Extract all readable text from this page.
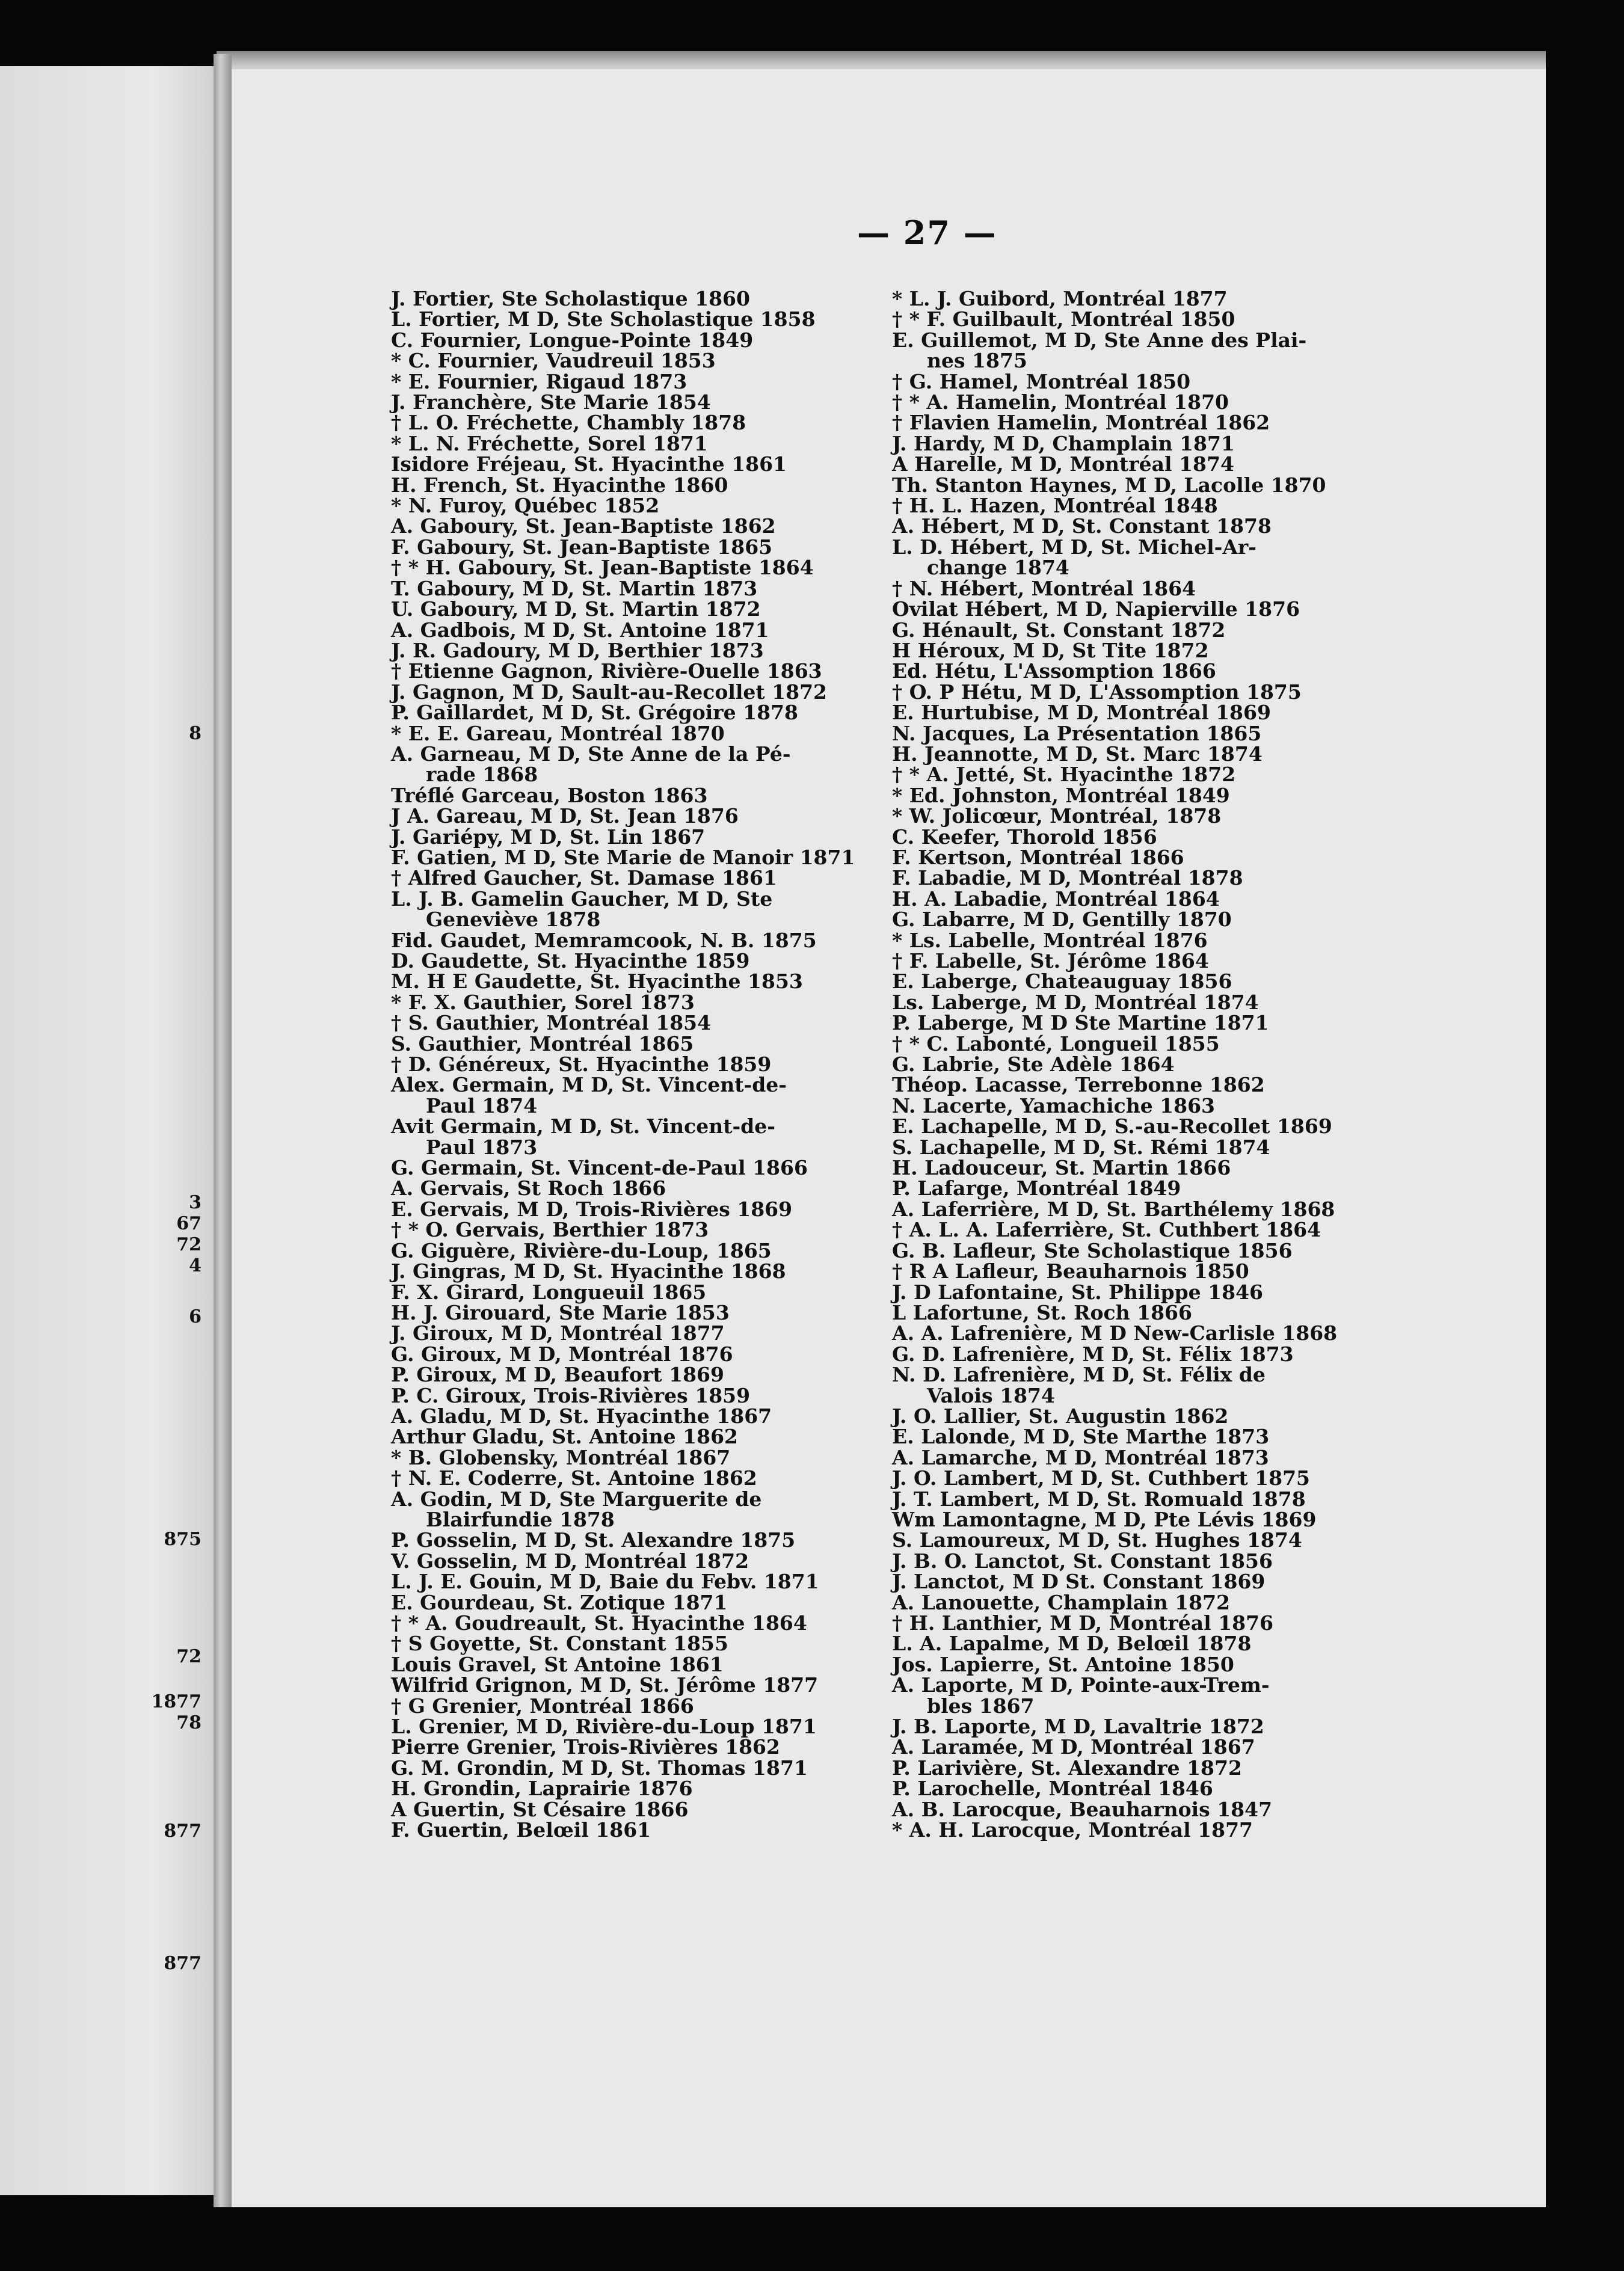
8
3
67
72
4
6
875
72
1877
78
877
877
— 27 —
J. Fortier, Ste Scholastique 1860
L. Fortier, M D, Ste Scholastique 1858
C. Fournier, Longue-Pointe 1849
* C. Fournier, Vaudreuil 1853
* E. Fournier, Rigaud 1873
J. Franchère, Ste Marie 1854
† L. O. Fréchette, Chambly 1878
* L. N. Fréchette, Sorel 1871
Isidore Fréjeau, St. Hyacinthe 1861
H. French, St. Hyacinthe 1860
* N. Furoy, Québec 1852
A. Gaboury, St. Jean-Baptiste 1862
F. Gaboury, St. Jean-Baptiste 1865
† * H. Gaboury, St. Jean-Baptiste 1864
T. Gaboury, M D, St. Martin 1873
U. Gaboury, M D, St. Martin 1872
A. Gadbois, M D, St. Antoine 1871
J. R. Gadoury, M D, Berthier 1873
† Etienne Gagnon, Rivière-Ouelle 1863
J. Gagnon, M D, Sault-au-Recollet 1872
P. Gaillardet, M D, St. Grégoire 1878
* E. E. Gareau, Montréal 1870
A. Garneau, M D, Ste Anne de la Pé-
rade 1868
Tréflé Garceau, Boston 1863
J A. Gareau, M D, St. Jean 1876
J. Gariépy, M D, St. Lin 1867
F. Gatien, M D, Ste Marie de Manoir 1871
† Alfred Gaucher, St. Damase 1861
L. J. B. Gamelin Gaucher, M D, Ste
Geneviève 1878
Fid. Gaudet, Memramcook, N. B. 1875
D. Gaudette, St. Hyacinthe 1859
M. H E Gaudette, St. Hyacinthe 1853
* F. X. Gauthier, Sorel 1873
† S. Gauthier, Montréal 1854
S. Gauthier, Montréal 1865
† D. Généreux, St. Hyacinthe 1859
Alex. Germain, M D, St. Vincent-de-
Paul 1874
Avit Germain, M D, St. Vincent-de-
Paul 1873
G. Germain, St. Vincent-de-Paul 1866
A. Gervais, St Roch 1866
E. Gervais, M D, Trois-Rivières 1869
† * O. Gervais, Berthier 1873
G. Giguère, Rivière-du-Loup, 1865
J. Gingras, M D, St. Hyacinthe 1868
F. X. Girard, Longueuil 1865
H. J. Girouard, Ste Marie 1853
J. Giroux, M D, Montréal 1877
G. Giroux, M D, Montréal 1876
P. Giroux, M D, Beaufort 1869
P. C. Giroux, Trois-Rivières 1859
A. Gladu, M D, St. Hyacinthe 1867
Arthur Gladu, St. Antoine 1862
* B. Globensky, Montréal 1867
† N. E. Coderre, St. Antoine 1862
A. Godin, M D, Ste Marguerite de
Blairfundie 1878
P. Gosselin, M D, St. Alexandre 1875
V. Gosselin, M D, Montréal 1872
L. J. E. Gouin, M D, Baie du Febv. 1871
E. Gourdeau, St. Zotique 1871
† * A. Goudreault, St. Hyacinthe 1864
† S Goyette, St. Constant 1855
Louis Gravel, St Antoine 1861
Wilfrid Grignon, M D, St. Jérôme 1877
† G Grenier, Montréal 1866
L. Grenier, M D, Rivière-du-Loup 1871
Pierre Grenier, Trois-Rivières 1862
G. M. Grondin, M D, St. Thomas 1871
H. Grondin, Laprairie 1876
A Guertin, St Césaire 1866
F. Guertin, Belœil 1861
* L. J. Guibord, Montréal 1877
† * F. Guilbault, Montréal 1850
E. Guillemot, M D, Ste Anne des Plai-
nes 1875
† G. Hamel, Montréal 1850
† * A. Hamelin, Montréal 1870
† Flavien Hamelin, Montréal 1862
J. Hardy, M D, Champlain 1871
A Harelle, M D, Montréal 1874
Th. Stanton Haynes, M D, Lacolle 1870
† H. L. Hazen, Montréal 1848
A. Hébert, M D, St. Constant 1878
L. D. Hébert, M D, St. Michel-Ar-
change 1874
† N. Hébert, Montréal 1864
Ovilat Hébert, M D, Napierville 1876
G. Hénault, St. Constant 1872
H Héroux, M D, St Tite 1872
Ed. Hétu, L'Assomption 1866
† O. P Hétu, M D, L'Assomption 1875
E. Hurtubise, M D, Montréal 1869
N. Jacques, La Présentation 1865
H. Jeannotte, M D, St. Marc 1874
† * A. Jetté, St. Hyacinthe 1872
* Ed. Johnston, Montréal 1849
* W. Jolicœur, Montréal, 1878
C. Keefer, Thorold 1856
F. Kertson, Montréal 1866
F. Labadie, M D, Montréal 1878
H. A. Labadie, Montréal 1864
G. Labarre, M D, Gentilly 1870
* Ls. Labelle, Montréal 1876
† F. Labelle, St. Jérôme 1864
E. Laberge, Chateauguay 1856
Ls. Laberge, M D, Montréal 1874
P. Laberge, M D Ste Martine 1871
† * C. Labonté, Longueil 1855
G. Labrie, Ste Adèle 1864
Théop. Lacasse, Terrebonne 1862
N. Lacerte, Yamachiche 1863
E. Lachapelle, M D, S.-au-Recollet 1869
S. Lachapelle, M D, St. Rémi 1874
H. Ladouceur, St. Martin 1866
P. Lafarge, Montréal 1849
A. Laferrière, M D, St. Barthélemy 1868
† A. L. A. Laferrière, St. Cuthbert 1864
G. B. Lafleur, Ste Scholastique 1856
† R A Lafleur, Beauharnois 1850
J. D Lafontaine, St. Philippe 1846
L Lafortune, St. Roch 1866
A. A. Lafrenière, M D New-Carlisle 1868
G. D. Lafrenière, M D, St. Félix 1873
N. D. Lafrenière, M D, St. Félix de
Valois 1874
J. O. Lallier, St. Augustin 1862
E. Lalonde, M D, Ste Marthe 1873
A. Lamarche, M D, Montréal 1873
J. O. Lambert, M D, St. Cuthbert 1875
J. T. Lambert, M D, St. Romuald 1878
Wm Lamontagne, M D, Pte Lévis 1869
S. Lamoureux, M D, St. Hughes 1874
J. B. O. Lanctot, St. Constant 1856
J. Lanctot, M D St. Constant 1869
A. Lanouette, Champlain 1872
† H. Lanthier, M D, Montréal 1876
L. A. Lapalme, M D, Belœil 1878
Jos. Lapierre, St. Antoine 1850
A. Laporte, M D, Pointe-aux-Trem-
bles 1867
J. B. Laporte, M D, Lavaltrie 1872
A. Laramée, M D, Montréal 1867
P. Larivière, St. Alexandre 1872
P. Larochelle, Montréal 1846
A. B. Larocque, Beauharnois 1847
* A. H. Larocque, Montréal 1877
